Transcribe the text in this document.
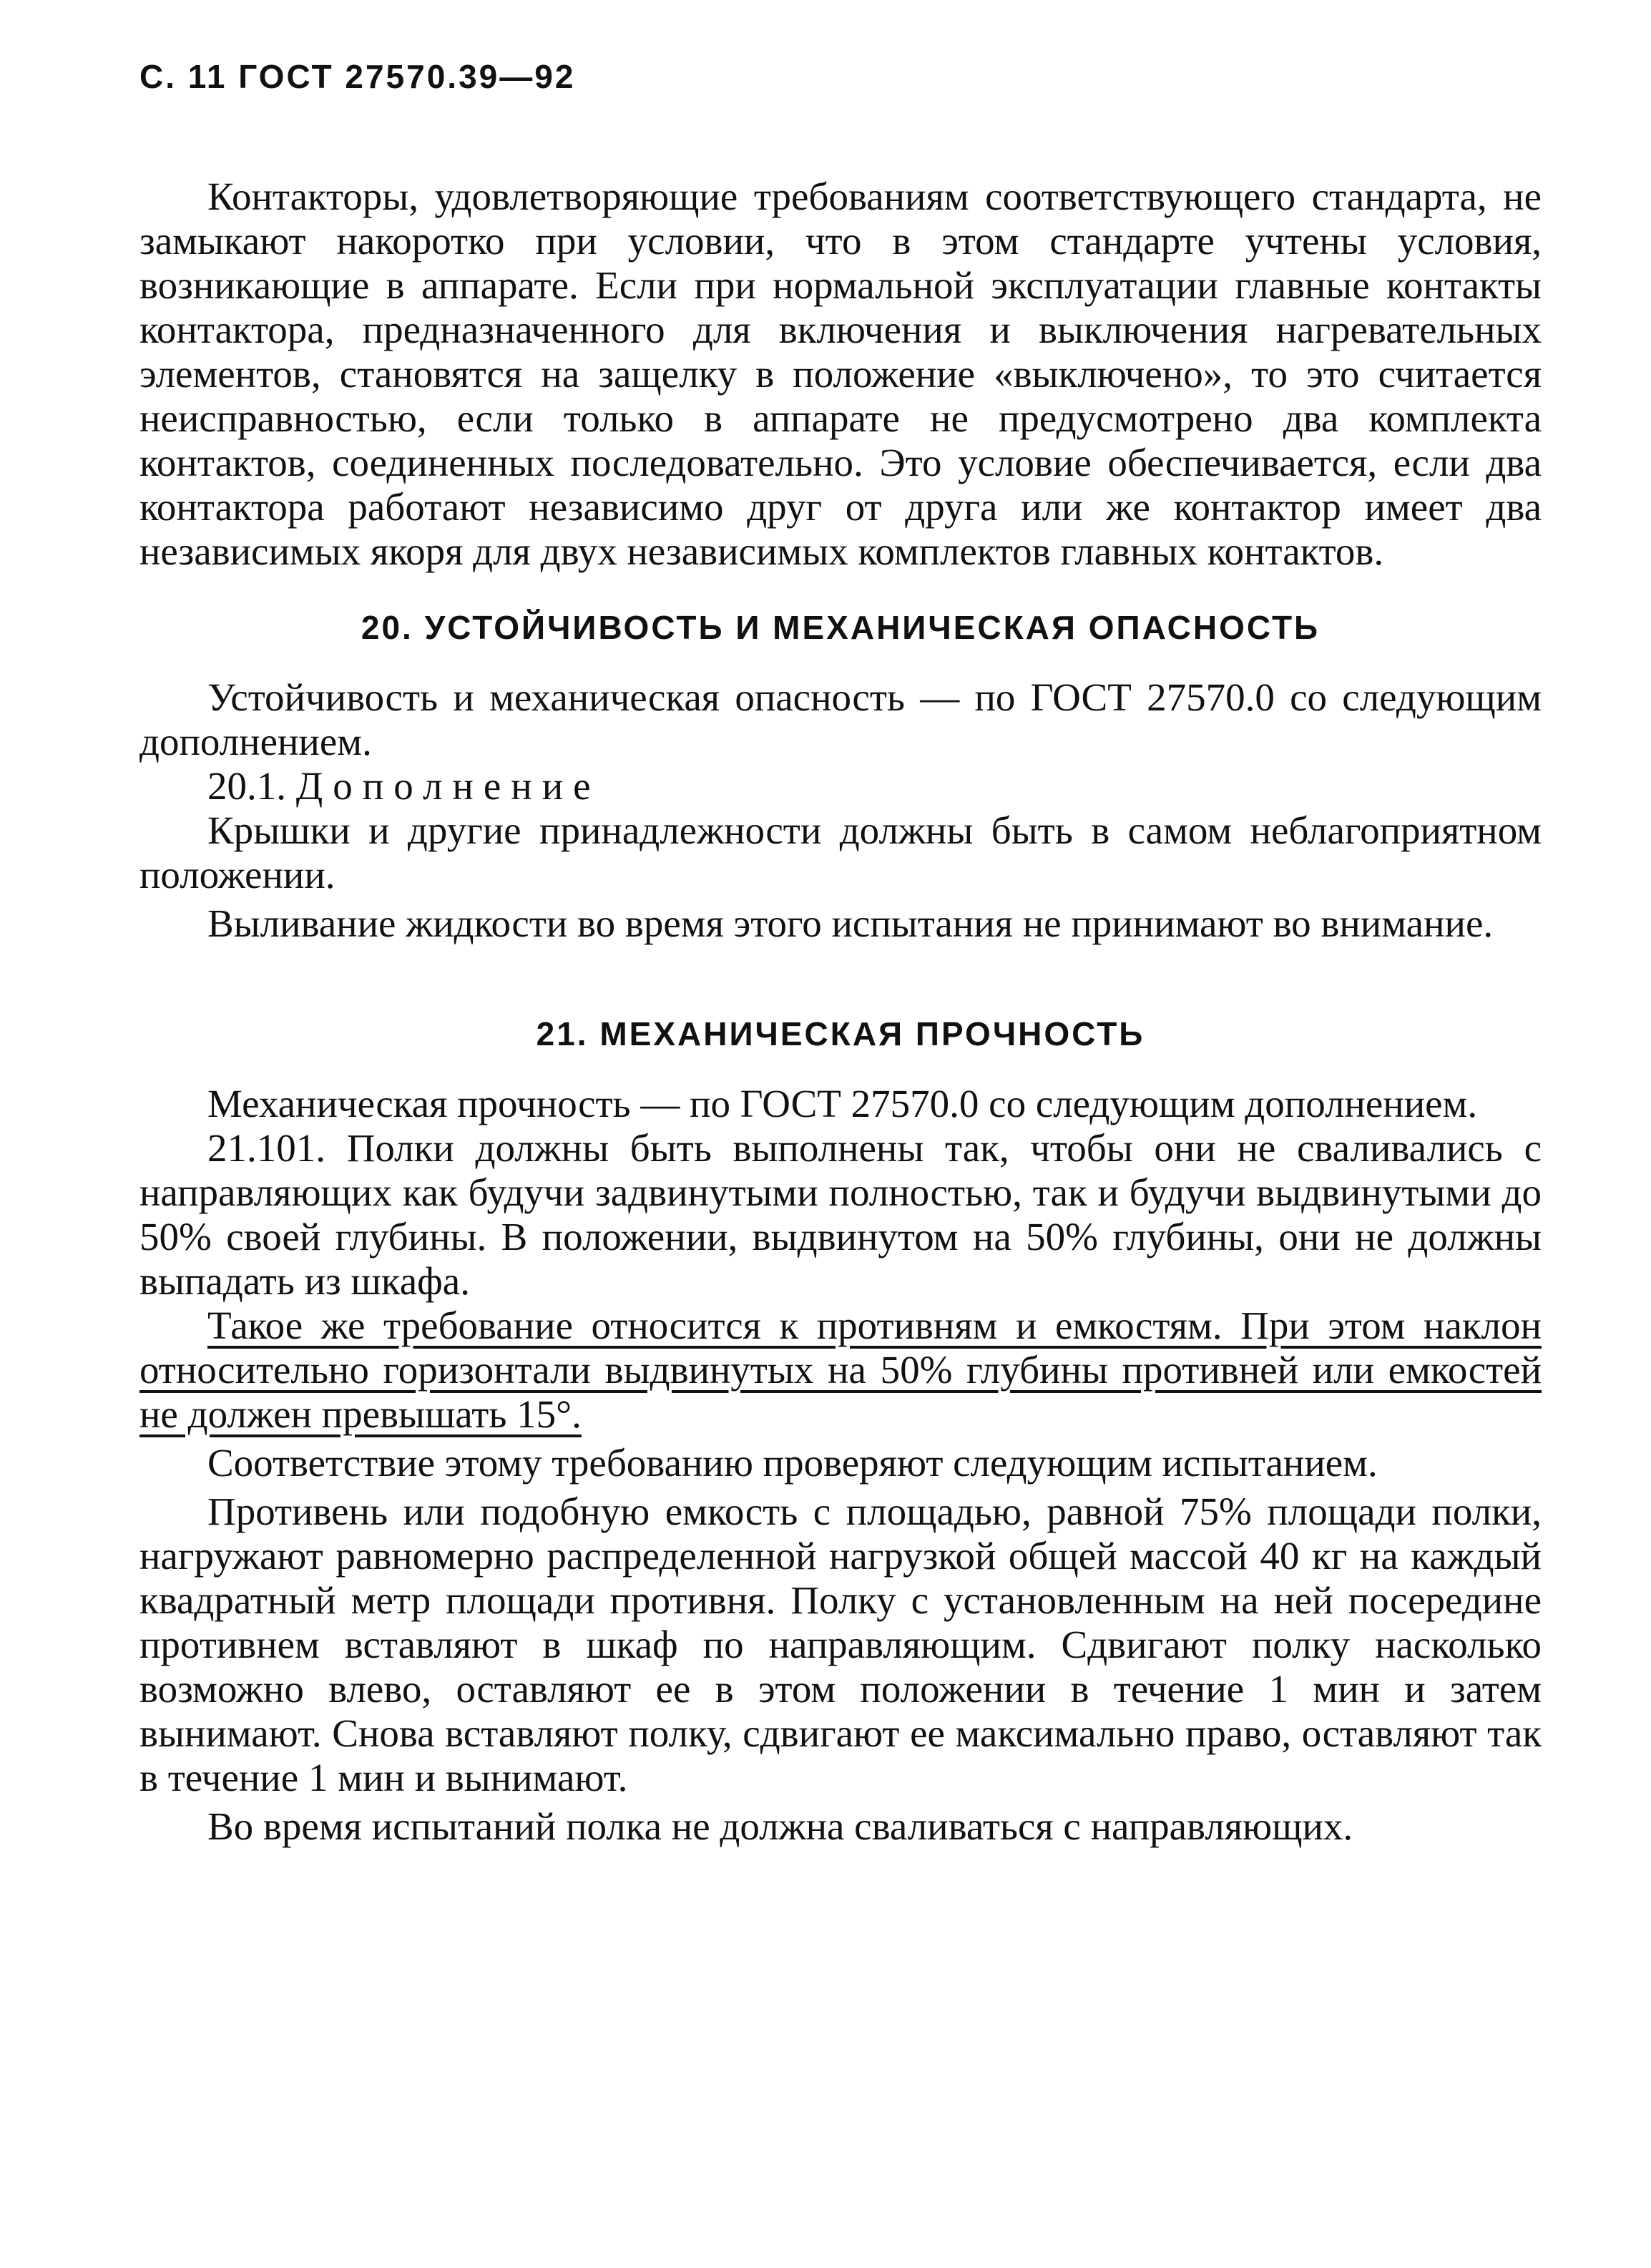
С. 11 ГОСТ 27570.39—92

Контакторы, удовлетворяющие требованиям соответствующего стандарта, не замыкают накоротко при условии, что в этом стандарте учтены условия, возникающие в аппарате. Если при нормальной эксплуатации главные контакты контактора, предназначенного для включения и выключения нагревательных элементов, становятся на защелку в положение «выключено», то это считается неисправностью, если только в аппарате не предусмотрено два комплекта контактов, соединенных последовательно. Это условие обеспечивается, если два контактора работают независимо друг от друга или же контактор имеет два независимых якоря для двух независимых комплектов главных контактов.

20. УСТОЙЧИВОСТЬ И МЕХАНИЧЕСКАЯ ОПАСНОСТЬ

Устойчивость и механическая опасность — по ГОСТ 27570.0 со следующим дополнением.

20.1. Дополнение

Крышки и другие принадлежности должны быть в самом неблагоприятном положении.

Выливание жидкости во время этого испытания не принимают во внимание.

21. МЕХАНИЧЕСКАЯ ПРОЧНОСТЬ

Механическая прочность — по ГОСТ 27570.0 со следующим дополнением.

21.101. Полки должны быть выполнены так, чтобы они не сваливались с направляющих как будучи задвинутыми полностью, так и будучи выдвинутыми до 50% своей глубины. В положении, выдвинутом на 50% глубины, они не должны выпадать из шкафа.

Такое же требование относится к противням и емкостям. При этом наклон относительно горизонтали выдвинутых на 50% глубины противней или емкостей не должен превышать 15°.

Соответствие этому требованию проверяют следующим испытанием.

Противень или подобную емкость с площадью, равной 75% площади полки, нагружают равномерно распределенной нагрузкой общей массой 40 кг на каждый квадратный метр площади противня. Полку с установленным на ней посередине противнем вставляют в шкаф по направляющим. Сдвигают полку насколько возможно влево, оставляют ее в этом положении в течение 1 мин и затем вынимают. Снова вставляют полку, сдвигают ее максимально право, оставляют так в течение 1 мин и вынимают.

Во время испытаний полка не должна сваливаться с направляющих.
